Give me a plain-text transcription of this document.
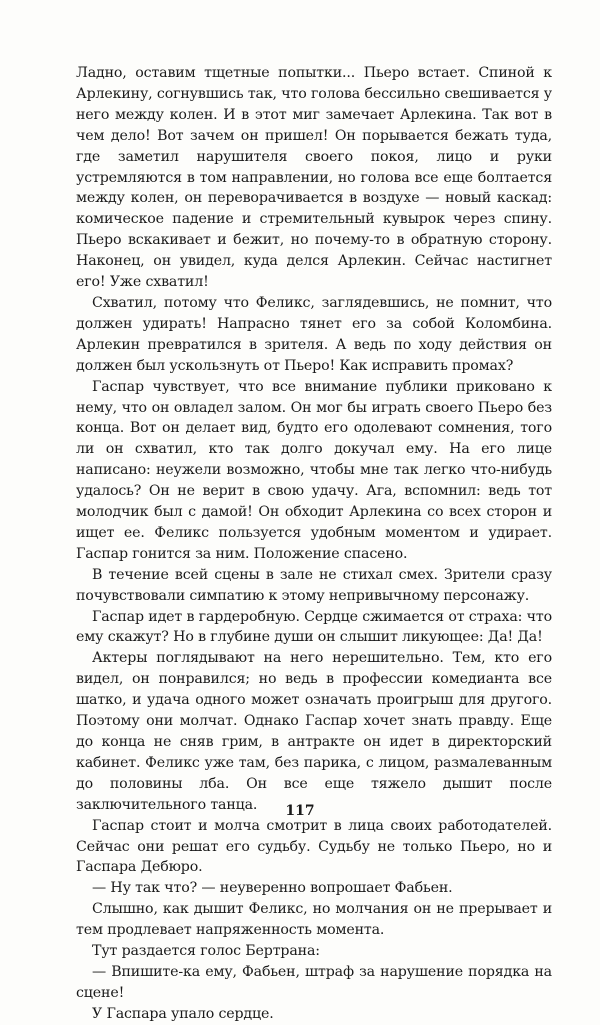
Ладно, оставим тщетные попытки... Пьеро встает. Спиной к Арлекину, согнувшись так, что голова бессильно свешивается у него между колен. И в этот миг замечает Арлекина. Так вот в чем дело! Вот зачем он пришел! Он порывается бежать туда, где заметил нарушителя своего покоя, лицо и руки устремляются в том направлении, но голова все еще болтается между колен, он переворачивается в воздухе — новый каскад: комическое падение и стремительный кувырок через спину. Пьеро вскакивает и бежит, но почему-то в обратную сторону. Наконец, он увидел, куда делся Арлекин. Сейчас настигнет его! Уже схватил!

Схватил, потому что Феликс, заглядевшись, не помнит, что должен удирать! Напрасно тянет его за собой Коломбина. Арлекин превратился в зрителя. А ведь по ходу действия он должен был ускользнуть от Пьеро! Как исправить промах?

Гаспар чувствует, что все внимание публики приковано к нему, что он овладел залом. Он мог бы играть своего Пьеро без конца. Вот он делает вид, будто его одолевают сомнения, того ли он схватил, кто так долго докучал ему. На его лице написано: неужели возможно, чтобы мне так легко что-нибудь удалось? Он не верит в свою удачу. Ага, вспомнил: ведь тот молодчик был с дамой! Он обходит Арлекина со всех сторон и ищет ее. Феликс пользуется удобным моментом и удирает. Гаспар гонится за ним. Положение спасено.

В течение всей сцены в зале не стихал смех. Зрители сразу почувствовали симпатию к этому непривычному персонажу.

Гаспар идет в гардеробную. Сердце сжимается от страха: что ему скажут? Но в глубине души он слышит ликующее: Да! Да!

Актеры поглядывают на него нерешительно. Тем, кто его видел, он понравился; но ведь в профессии комедианта все шатко, и удача одного может означать проигрыш для другого. Поэтому они молчат. Однако Гаспар хочет знать правду. Еще до конца не сняв грим, в антракте он идет в директорский кабинет. Феликс уже там, без парика, с лицом, размалеванным до половины лба. Он все еще тяжело дышит после заключительного танца.

Гаспар стоит и молча смотрит в лица своих работодателей. Сейчас они решат его судьбу. Судьбу не только Пьеро, но и Гаспара Дебюро.

— Ну так что? — неуверенно вопрошает Фабьен.

Слышно, как дышит Феликс, но молчания он не прерывает и тем продлевает напряженность момента.

Тут раздается голос Бертрана:

— Впишите-ка ему, Фабьен, штраф за нарушение порядка на сцене!

У Гаспара упало сердце.

117
